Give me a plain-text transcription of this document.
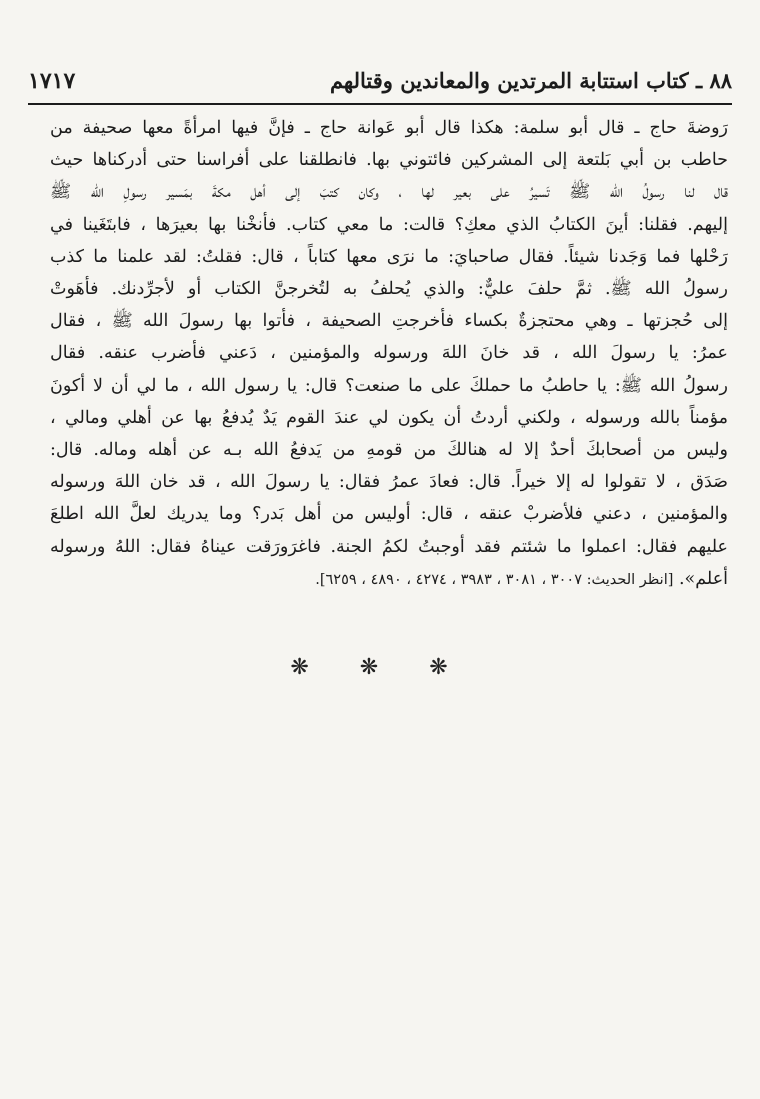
٨٨ ـ كتاب استتابة المرتدين والمعاندين وقتالهم
١٧١٧
رَوضةَ حاج ـ قال أبو سلمة: هكذا قال أبو عَوانة حاج ـ فإنَّ فيها امرأةً معها صحيفة من
حاطب بن أبي بَلتعة إلى المشركين فائتوني بها. فانطلقنا على أفراسنا حتى أدركناها حيث
قال لنا رسولُ الله ﷺ تَسيرُ على بعير لها ، وكان كتبَ إلى أهل مكةَ بمَسير رسولِ الله ﷺ
إليهم. فقلنا: أينَ الكتابُ الذي معكِ؟ قالت: ما معي كتاب. فأنخْنا بها بعيرَها ، فابتَغَينا في
رَحْلها فما وَجَدنا شيئاً. فقال صاحبايَ: ما نرَى معها كتاباً ، قال: فقلتُ: لقد علمنا ما كذب
رسولُ الله ﷺ. ثمَّ حلفَ عليٌّ: والذي يُحلفُ به لتُخرجنَّ الكتاب أو لأجرِّدنك. فأهَوتْ
إلى حُجزتها ـ وهي محتجزةٌ بكساء فأخرجتِ الصحيفة ، فأتوا بها رسولَ الله ﷺ ، فقال
عمرُ: يا رسولَ الله ، قد خانَ اللهَ ورسوله والمؤمنين ، دَعني فأضرب عنقه. فقال
رسولُ الله ﷺ: يا حاطبُ ما حملكَ على ما صنعت؟ قال: يا رسول الله ، ما لي أن لا أكونَ
مؤمناً بالله ورسوله ، ولكني أردتُ أن يكون لي عندَ القوم يَدٌ يُدفعُ بها عن أهلي ومالي ،
وليس من أصحابكَ أحدٌ إلا له هنالكَ من قومهِ من يَدفعُ الله بـه عن أهله وماله. قال:
صَدَق ، لا تقولوا له إلا خيراً. قال: فعادَ عمرُ فقال: يا رسولَ الله ، قد خان اللهَ ورسوله
والمؤمنين ، دعني فلأضربْ عنقه ، قال: أوليس من أهل بَدر؟ وما يدريك لعلَّ الله اطلعَ
عليهم فقال: اعملوا ما شئتم فقد أوجبتُ لكمُ الجنة. فاغرَورَقت عيناهُ فقال: اللهُ ورسوله
أعلم». [انظر الحديث: ٣٠٠٧ ، ٣٠٨١ ، ٣٩٨٣ ، ٤٢٧٤ ، ٤٨٩٠ ، ٦٢٥٩].
❋ ❋ ❋
